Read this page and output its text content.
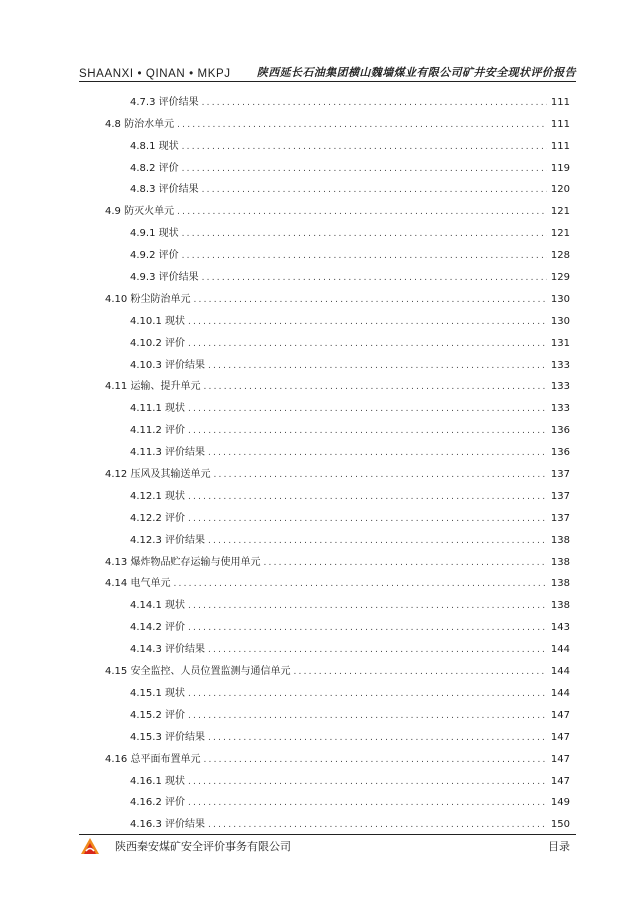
SHAANXI • QINAN • MKPJ 陕西延长石油集团横山魏墙煤业有限公司矿井安全现状评价报告
4.7.3 评价结果 .....	111
4.8 防治水单元 .....	111
4.8.1 现状 .....	111
4.8.2 评价 .....	119
4.8.3 评价结果 .....	120
4.9 防灭火单元 .....	121
4.9.1 现状 .....	121
4.9.2 评价 .....	128
4.9.3 评价结果 .....	129
4.10 粉尘防治单元 .....	130
4.10.1 现状 .....	130
4.10.2 评价 .....	131
4.10.3 评价结果 .....	133
4.11 运输、提升单元 .....	133
4.11.1 现状 .....	133
4.11.2 评价 .....	136
4.11.3 评价结果 .....	136
4.12 压风及其输送单元 .....	137
4.12.1 现状 .....	137
4.12.2 评价 .....	137
4.12.3 评价结果 .....	138
4.13 爆炸物品贮存运输与使用单元 .....	138
4.14 电气单元 .....	138
4.14.1 现状 .....	138
4.14.2 评价 .....	143
4.14.3 评价结果 .....	144
4.15 安全监控、人员位置监测与通信单元 .....	144
4.15.1 现状 .....	144
4.15.2 评价 .....	147
4.15.3 评价结果 .....	147
4.16 总平面布置单元 .....	147
4.16.1 现状 .....	147
4.16.2 评价 .....	149
4.16.3 评价结果 .....	150
陕西秦安煤矿安全评价事务有限公司	目录
